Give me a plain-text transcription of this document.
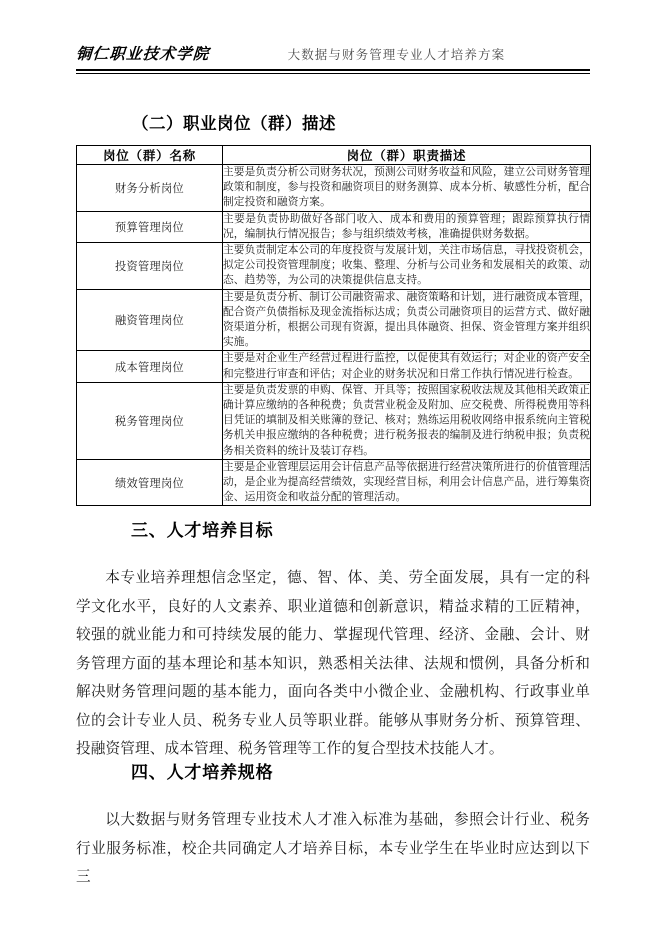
铜仁职业技术学院	大数据与财务管理专业人才培养方案
（二）职业岗位（群）描述
岗位（群）名称	岗位（群）职责描述
财务分析岗位	主要是负责分析公司财务状况，预测公司财务收益和风险，建立公司财务管理政策和制度，参与投资和融资项目的财务测算、成本分析、敏感性分析，配合制定投资和融资方案。
预算管理岗位	主要是负责协助做好各部门收入、成本和费用的预算管理；跟踪预算执行情况，编制执行情况报告；参与组织绩效考核，准确提供财务数据。
投资管理岗位	主要负责制定本公司的年度投资与发展计划，关注市场信息，寻找投资机会，拟定公司投资管理制度；收集、整理、分析与公司业务和发展相关的政策、动态、趋势等，为公司的决策提供信息支持。
融资管理岗位	主要是负责分析、制订公司融资需求、融资策略和计划，进行融资成本管理，配合资产负债指标及现金流指标达成；负责公司融资项目的运营方式、做好融资渠道分析，根据公司现有资源，提出具体融资、担保、资金管理方案并组织实施。
成本管理岗位	主要是对企业生产经营过程进行监控，以促使其有效运行；对企业的资产安全和完整进行审查和评估；对企业的财务状况和日常工作执行情况进行检查。
税务管理岗位	主要是负责发票的申购、保管、开具等；按照国家税收法规及其他相关政策正确计算应缴纳的各种税费；负责营业税金及附加、应交税费、所得税费用等科目凭证的填制及相关账簿的登记、核对；熟练运用税收网络申报系统向主管税务机关申报应缴纳的各种税费；进行税务报表的编制及进行纳税申报；负责税务相关资料的统计及装订存档。
绩效管理岗位	主要是企业管理层运用会计信息产品等依据进行经营决策所进行的价值管理活动，是企业为提高经营绩效，实现经营目标，利用会计信息产品，进行筹集资金、运用资金和收益分配的管理活动。
三、人才培养目标
本专业培养理想信念坚定，德、智、体、美、劳全面发展，具有一定的科学文化水平，良好的人文素养、职业道德和创新意识，精益求精的工匠精神，较强的就业能力和可持续发展的能力、掌握现代管理、经济、金融、会计、财务管理方面的基本理论和基本知识，熟悉相关法律、法规和惯例，具备分析和解决财务管理问题的基本能力，面向各类中小微企业、金融机构、行政事业单位的会计专业人员、税务专业人员等职业群。能够从事财务分析、预算管理、投融资管理、成本管理、税务管理等工作的复合型技术技能人才。
四、人才培养规格
以大数据与财务管理专业技术人才准入标准为基础，参照会计行业、税务行业服务标准，校企共同确定人才培养目标，本专业学生在毕业时应达到以下三
